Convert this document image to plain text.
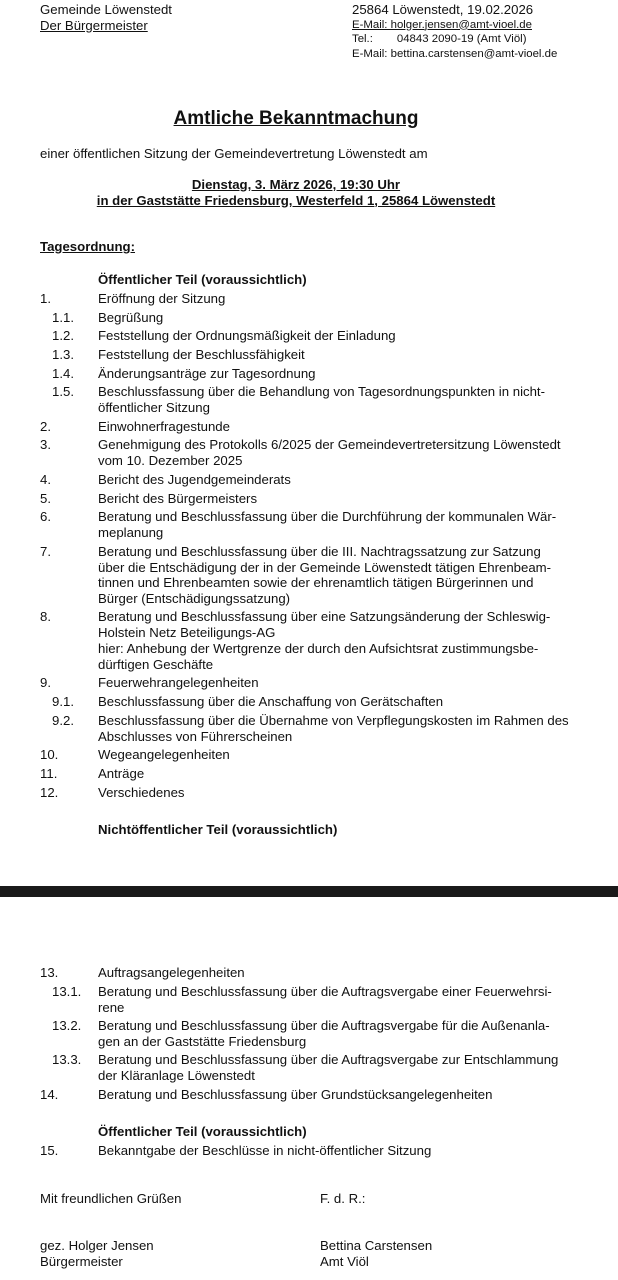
Gemeinde Löwenstedt
Der Bürgermeister
25864 Löwenstedt, 19.02.2026
E-Mail: holger.jensen@amt-vioel.de
Tel.: 04843 2090-19 (Amt Viöl)
E-Mail: bettina.carstensen@amt-vioel.de
Amtliche Bekanntmachung
einer öffentlichen Sitzung der Gemeindevertretung Löwenstedt am
Dienstag, 3. März 2026, 19:30 Uhr
in der Gaststätte Friedensburg, Westerfeld 1, 25864 Löwenstedt
Tagesordnung:
Öffentlicher Teil (voraussichtlich)
1.	Eröffnung der Sitzung
1.1. Begrüßung
1.2. Feststellung der Ordnungsmäßigkeit der Einladung
1.3. Feststellung der Beschlussfähigkeit
1.4. Änderungsanträge zur Tagesordnung
1.5. Beschlussfassung über die Behandlung von Tagesordnungspunkten in nicht-öffentlicher Sitzung
2.	Einwohnerfragestunde
3.	Genehmigung des Protokolls 6/2025 der Gemeindevertretersitzung Löwenstedt vom 10. Dezember 2025
4.	Bericht des Jugendgemeinderats
5.	Bericht des Bürgermeisters
6.	Beratung und Beschlussfassung über die Durchführung der kommunalen Wär-meplanung
7.	Beratung und Beschlussfassung über die III. Nachtragssatzung zur Satzung über die Entschädigung der in der Gemeinde Löwenstedt tätigen Ehrenbeam-tinnen und Ehrenbeamten sowie der ehrenamtlich tätigen Bürgerinnen und Bürger (Entschädigungssatzung)
8.	Beratung und Beschlussfassung über eine Satzungsänderung der Schleswig-Holstein Netz Beteiligungs-AG
hier: Anhebung der Wertgrenze der durch den Aufsichtsrat zustimmungsbe-dürftigen Geschäfte
9.	Feuerwehrangelegenheiten
9.1. Beschlussfassung über die Anschaffung von Gerätschaften
9.2. Beschlussfassung über die Übernahme von Verpflegungskosten im Rahmen des Abschlusses von Führerscheinen
10.	Wegeangelegenheiten
11.	Anträge
12.	Verschiedenes
Nichtöffentlicher Teil (voraussichtlich)
13.	Auftragsangelegenheiten
13.1. Beratung und Beschlussfassung über die Auftragsvergabe einer Feuerwehrsi-rene
13.2. Beratung und Beschlussfassung über die Auftragsvergabe für die Außenanla-gen an der Gaststätte Friedensburg
13.3. Beratung und Beschlussfassung über die Auftragsvergabe zur Entschlammung der Kläranlage Löwenstedt
14.	Beratung und Beschlussfassung über Grundstücksangelegenheiten
Öffentlicher Teil (voraussichtlich)
15.	Bekanntgabe der Beschlüsse in nicht-öffentlicher Sitzung
Mit freundlichen Grüßen	F. d. R.:
gez. Holger Jensen
Bürgermeister
Bettina Carstensen
Amt Viöl
